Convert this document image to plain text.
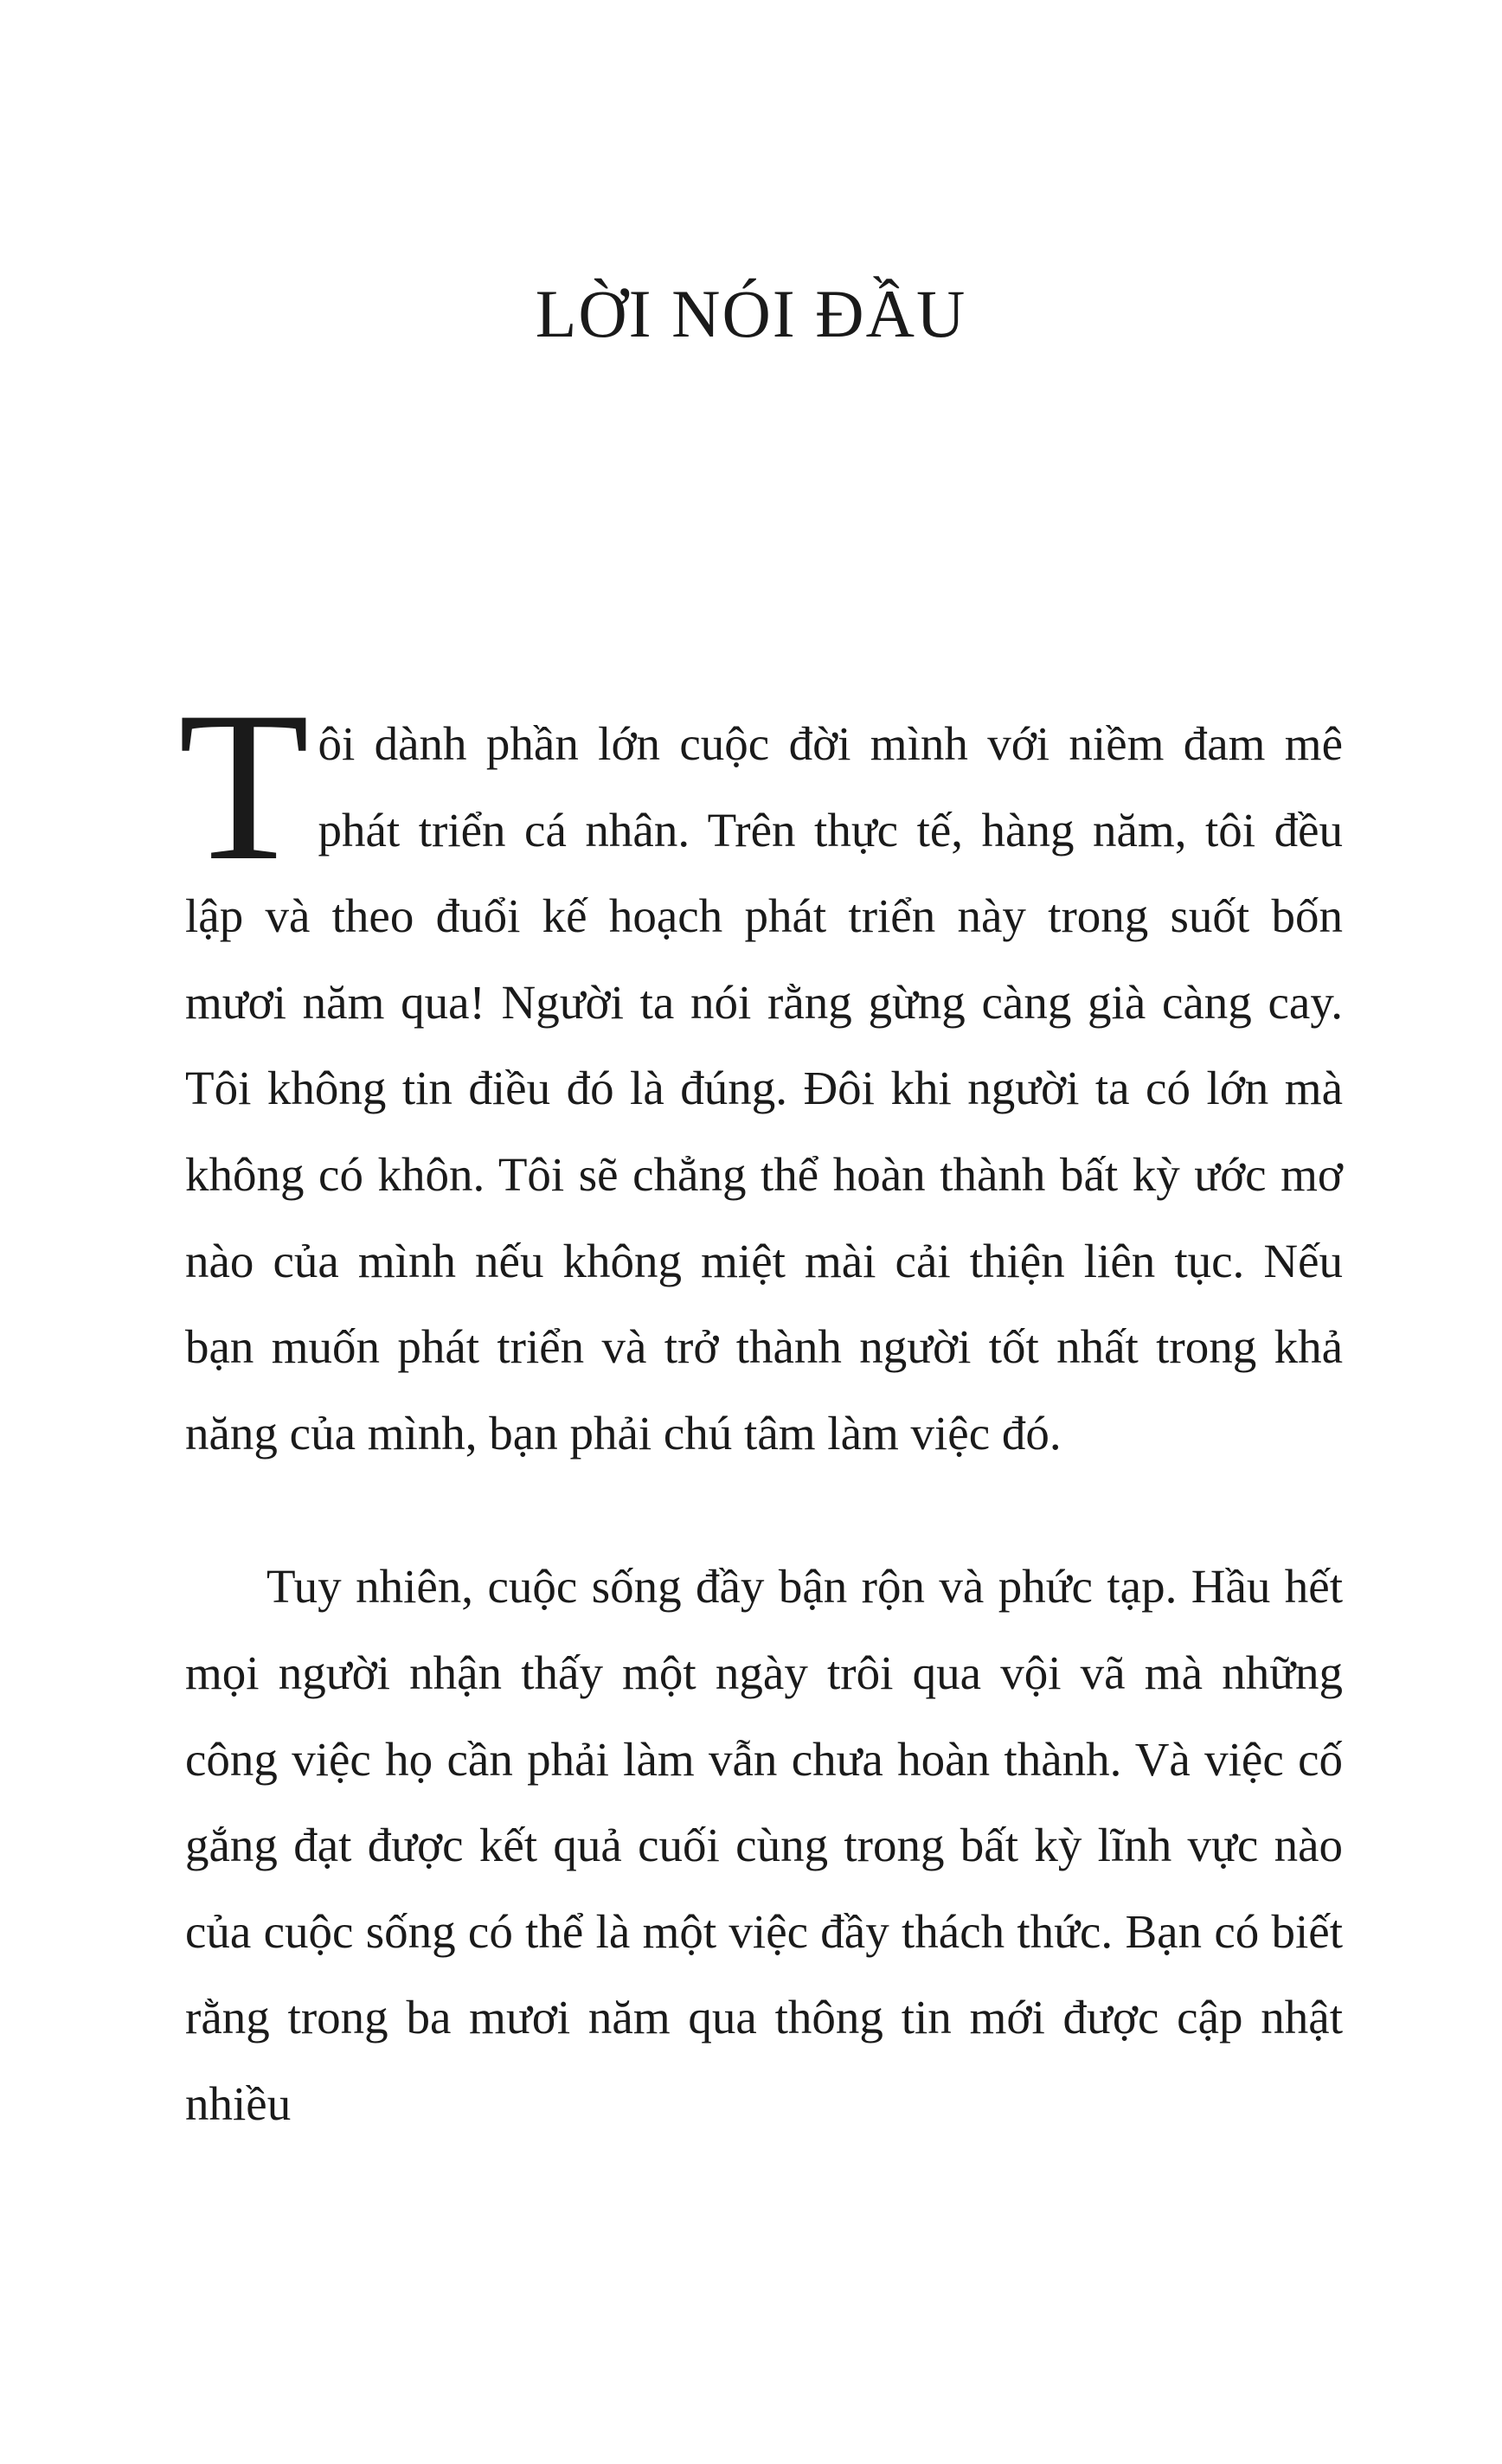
LỜI NÓI ĐẦU

Tôi dành phần lớn cuộc đời mình với niềm đam mê phát triển cá nhân. Trên thực tế, hàng năm, tôi đều lập và theo đuổi kế hoạch phát triển này trong suốt bốn mươi năm qua! Người ta nói rằng gừng càng già càng cay. Tôi không tin điều đó là đúng. Đôi khi người ta có lớn mà không có khôn. Tôi sẽ chẳng thể hoàn thành bất kỳ ước mơ nào của mình nếu không miệt mài cải thiện liên tục. Nếu bạn muốn phát triển và trở thành người tốt nhất trong khả năng của mình, bạn phải chú tâm làm việc đó.

Tuy nhiên, cuộc sống đầy bận rộn và phức tạp. Hầu hết mọi người nhận thấy một ngày trôi qua vội vã mà những công việc họ cần phải làm vẫn chưa hoàn thành. Và việc cố gắng đạt được kết quả cuối cùng trong bất kỳ lĩnh vực nào của cuộc sống có thể là một việc đầy thách thức. Bạn có biết rằng trong ba mươi năm qua thông tin mới được cập nhật nhiều
